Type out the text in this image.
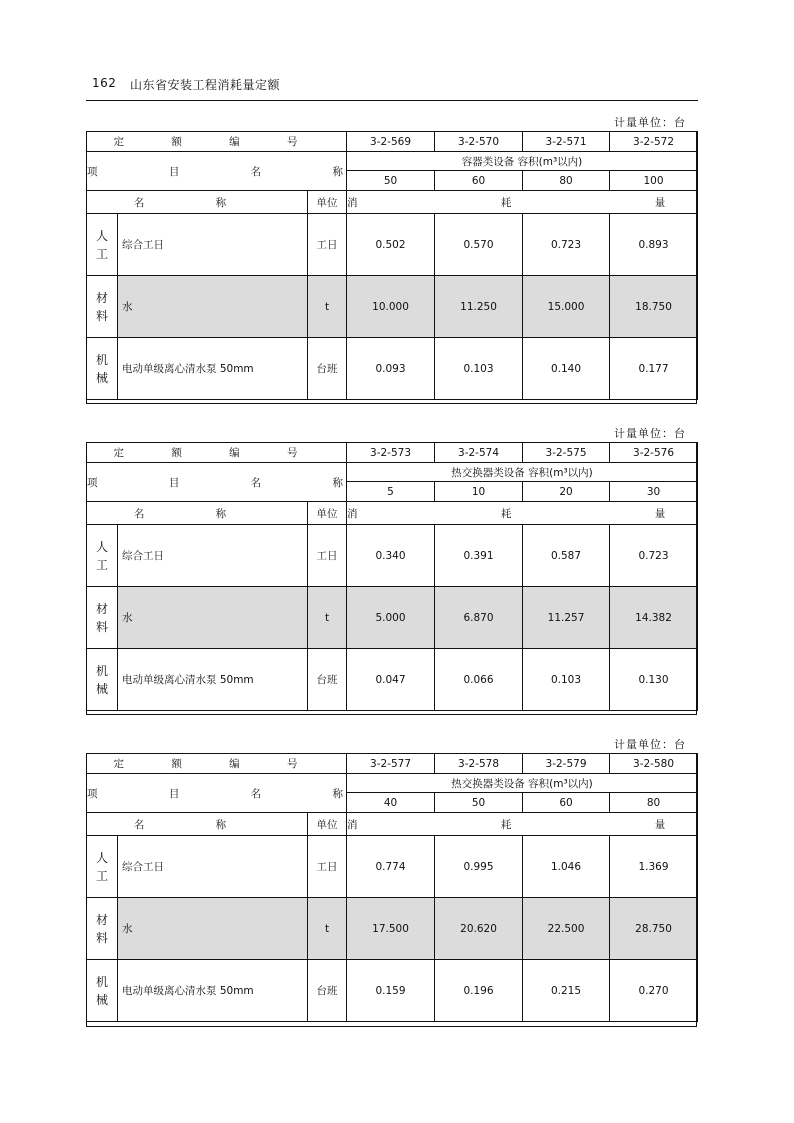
162 山东省安装工程消耗量定额
计量单位：台
定 额 编 号			3-2-569	3-2-570	3-2-571	3-2-572
项 目 名 称			容器类设备 容积(m³以内)			
			50	60	80	100
名 称		单位	消 耗 量			
人工	综合工日	工日	0.502	0.570	0.723	0.893
材料	水	t	10.000	11.250	15.000	18.750
机械	电动单级离心清水泵 50mm	台班	0.093	0.103	0.140	0.177
计量单位：台
定 额 编 号			3-2-573	3-2-574	3-2-575	3-2-576
项 目 名 称			热交换器类设备 容积(m³以内)			
			5	10	20	30
名 称		单位	消 耗 量			
人工	综合工日	工日	0.340	0.391	0.587	0.723
材料	水	t	5.000	6.870	11.257	14.382
机械	电动单级离心清水泵 50mm	台班	0.047	0.066	0.103	0.130
计量单位：台
定 额 编 号			3-2-577	3-2-578	3-2-579	3-2-580
项 目 名 称			热交换器类设备 容积(m³以内)			
			40	50	60	80
名 称		单位	消 耗 量			
人工	综合工日	工日	0.774	0.995	1.046	1.369
材料	水	t	17.500	20.620	22.500	28.750
机械	电动单级离心清水泵 50mm	台班	0.159	0.196	0.215	0.270
